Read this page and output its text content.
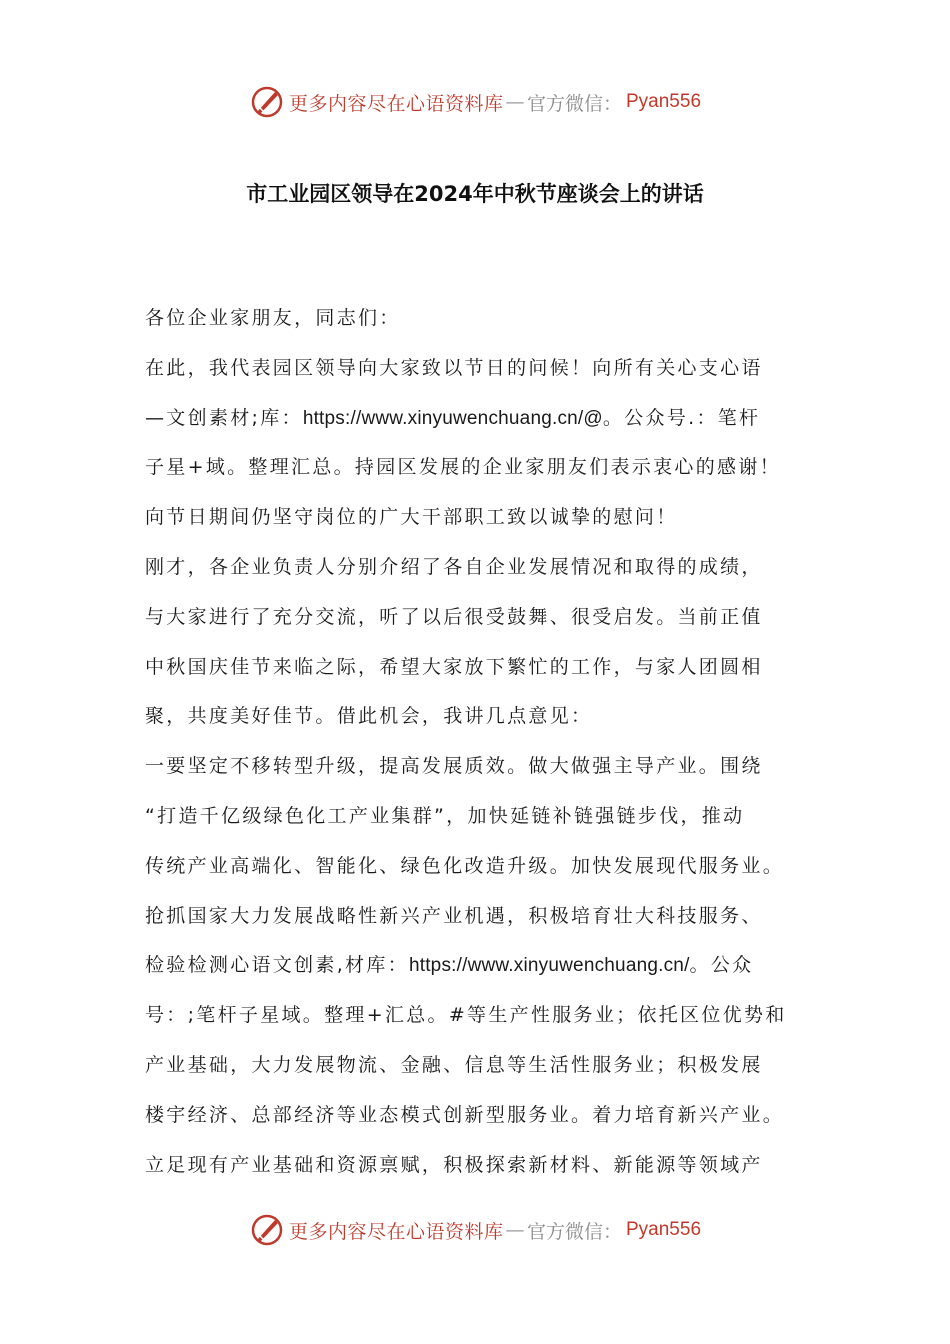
更多内容尽在心语资料库 — 官方微信： Pyan556
市工业园区领导在2024年中秋节座谈会上的讲话
各位企业家朋友，同志们：
在此，我代表园区领导向大家致以节日的问候！向所有关心支心语
—文创素材;库：https://www.xinyuwenchuang.cn/@。公众号.：笔杆
子星+域。整理汇总。持园区发展的企业家朋友们表示衷心的感谢！
向节日期间仍坚守岗位的广大干部职工致以诚挚的慰问！
刚才，各企业负责人分别介绍了各自企业发展情况和取得的成绩，
与大家进行了充分交流，听了以后很受鼓舞、很受启发。当前正值
中秋国庆佳节来临之际，希望大家放下繁忙的工作，与家人团圆相
聚，共度美好佳节。借此机会，我讲几点意见：
一要坚定不移转型升级，提高发展质效。做大做强主导产业。围绕
“打造千亿级绿色化工产业集群”，加快延链补链强链步伐，推动
传统产业高端化、智能化、绿色化改造升级。加快发展现代服务业。
抢抓国家大力发展战略性新兴产业机遇，积极培育壮大科技服务、
检验检测心语文创素,材库：https://www.xinyuwenchuang.cn/。公众
号：;笔杆子星域。整理+汇总。#等生产性服务业；依托区位优势和
产业基础，大力发展物流、金融、信息等生活性服务业；积极发展
楼宇经济、总部经济等业态模式创新型服务业。着力培育新兴产业。
立足现有产业基础和资源禀赋，积极探索新材料、新能源等领域产
更多内容尽在心语资料库 — 官方微信： Pyan556
